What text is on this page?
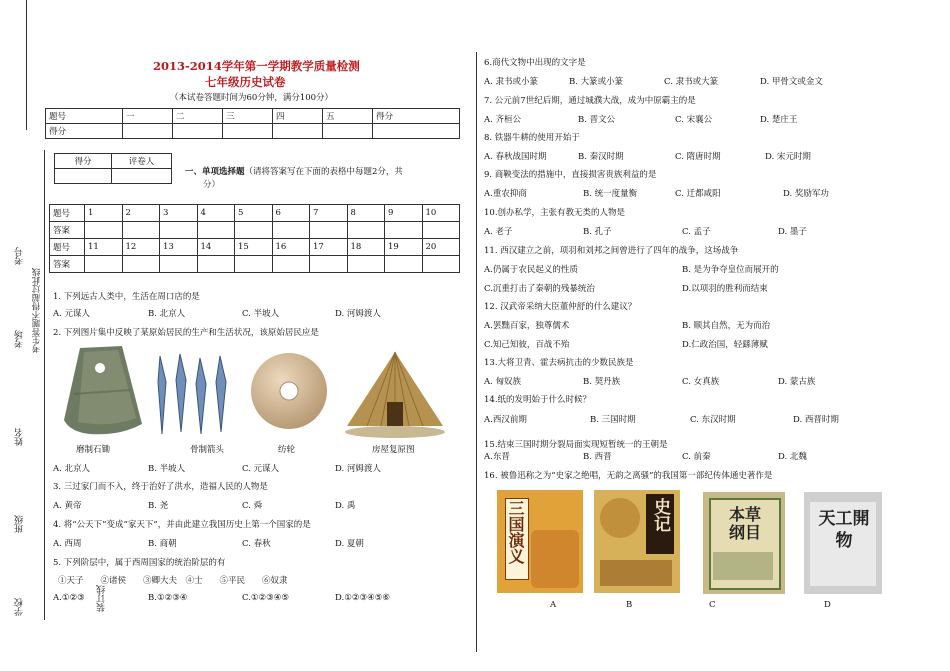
考号
考场 考生答题不得超过此线
姓名
班级
学校	装订线
2013-2014学年第一学期教学质量检测
七年级历史试卷
（本试卷答题时间为60分钟，满分100分）
题号	一	二	三	四	五	得分
得分						
得分	评卷人

一、单项选择题（请将答案写在下面的表格中每题2分，共
分）
题号	1	2	3	4	5	6	7	8	9	10
答案										
题号	11	12	13	14	15	16	17	18	19	20
答案										
1. 下列远古人类中，生活在周口店的是
A. 元谋人	B. 北京人	C. 半坡人	D. 河姆渡人
2. 下列图片集中反映了某原始居民的生产和生活状况，该原始居民应是
磨制石锄	骨制箭头	纺轮	房屋复原图
A. 北京人	B. 半坡人	C. 元谋人	D. 河姆渡人
3. 三过家门而不入，终于治好了洪水，造福人民的人物是
A. 黄帝	B. 尧	C. 舜	D. 禹
4. 将“公天下”变成“家天下”，并由此建立我国历史上第一个国家的是
A. 西周	B. 商朝	C. 春秋	D. 夏朝
5. 下列阶层中，属于西周国家的统治阶层的有
①天子　　②诸侯　　③卿大夫　④士　　⑤平民　　⑥奴隶
A.①②③	B.①②③④	C.①②③④⑤	D.①②③④⑤⑥
6.商代文物中出现的文字是
A. 隶书或小篆	B. 大篆或小篆	C. 隶书或大篆	D. 甲骨文或金文
7. 公元前7世纪后期，通过城濮大战，成为中原霸主的是
A. 齐桓公	B. 晋文公	C. 宋襄公	D. 楚庄王
8. 铁器牛耕的使用开始于
A. 春秋战国时期	B. 秦汉时期	C. 隋唐时期	D. 宋元时期
9. 商鞅变法的措施中，直接损害贵族利益的是
A.重农抑商	B. 统一度量衡	C. 迁都咸阳	D. 奖励军功
10.创办私学，主张有教无类的人物是
A. 老子	B. 孔子	C. 孟子	D. 墨子
11. 西汉建立之前，项羽和刘邦之间曾进行了四年的战争，这场战争
A.仍属于农民起义的性质	B. 是为争夺皇位而展开的
C.沉重打击了秦朝的残暴统治	D.以项羽的胜利而结束
12. 汉武帝采纳大臣董仲舒的什么建议？
A.罢黜百家，独尊儒术	B. 顺其自然，无为而治
C.知己知彼，百战不殆	D.仁政治国，轻繇薄赋
13.大将卫青、霍去病抗击的少数民族是
A. 匈奴族	B. 契丹族	C. 女真族	D. 蒙古族
14.纸的发明始于什么时候？
A.西汉前期	B. 三国时期	C. 东汉时期	D. 西晋时期
15.结束三国时期分裂局面实现短暂统一的王朝是
A.东晋	B. 西晋	C. 前秦	D. 北魏
16. 被鲁迅称之为“史家之绝唱，无韵之离骚”的我国第一部纪传体通史著作是
三国演义	史记	本草纲目
天工開物
A	B	C	D
